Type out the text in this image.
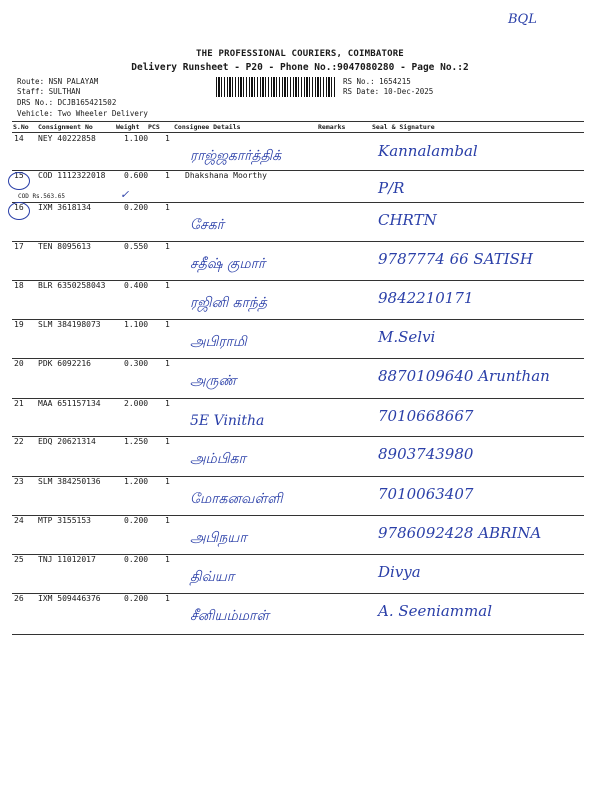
BQL
THE PROFESSIONAL COURIERS, COIMBATORE
Delivery Runsheet - P20 - Phone No.:9047080280 - Page No.:2
Route: NSN PALAYAM
Staff: SULTHAN
DRS No.: DCJB165421502
Vehicle: Two Wheeler Delivery
RS No.: 1654215
RS Date: 10-Dec-2025
S.No Consignment No	Weight PCS Consignee Details	Remarks	Seal & Signature
14 NEY 40222858	1.100 1
ராஜ்ஜகார்த்திக்	Kannalambal
15 COD 1112322018 0.600 1 Dhakshana Moorthy
COD Rs.563.65	P/R
16 IXM 3618134	0.200 1
சேகர்	CHRTN
17 TEN 8095613	0.550 1
சதீஷ் குமார்	9787774 66 SATISH
18 BLR 6350258043 0.400 1
ரஜினி காந்த்	9842210171
19 SLM 384198073	1.100 1
அபிராமி	M.Selvi
20 PDK 6092216	0.300 1
அருண்	8870109640 Arunthan
21 MAA 651157134	2.000 1
5E Vinitha	7010668667
22 EDQ 20621314	1.250 1
அம்பிகா	8903743980
23 SLM 384250136	1.200 1
மோகனவள்ளி	7010063407
24 MTP 3155153	0.200 1
அபிநயா	9786092428 ABRINA
25 TNJ 11012017	0.200 1
திவ்யா	Divya
26 IXM 509446376	0.200 1
சீனியம்மாள்	A. Seeniammal
✓
